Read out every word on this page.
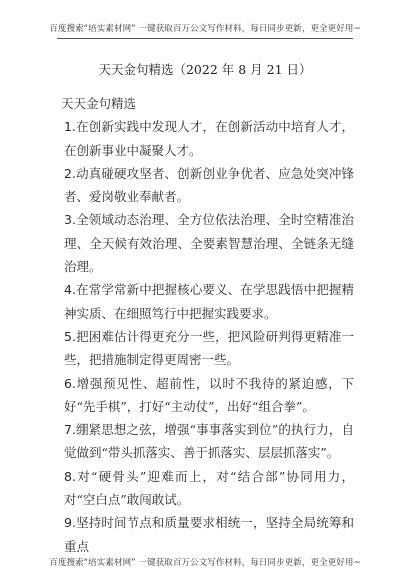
百度搜索“培实素材网” 一键获取百万公文写作材料，每日同步更新，更全更好用~
天天金句精选（2022 年 8 月 21 日）
天天金句精选

1.在创新实践中发现人才，在创新活动中培育人才，在创新事业中凝聚人才。

2.动真碰硬攻坚者、创新创业争优者、应急处突冲锋者、爱岗敬业奉献者。

3.全领域动态治理、全方位依法治理、全时空精准治理、全天候有效治理、全要素智慧治理、全链条无缝治理。

4.在常学常新中把握核心要义、在学思践悟中把握精神实质、在细照笃行中把握实践要求。

5.把困难估计得更充分一些，把风险研判得更精准一些，把措施制定得更周密一些。

6.增强预见性、超前性，以时不我待的紧迫感，下好“先手棋”，打好“主动仗”，出好“组合拳”。

7.绷紧思想之弦，增强“事事落实到位”的执行力，自觉做到“带头抓落实、善于抓落实、层层抓落实”。

8.对“硬骨头”迎难而上，对“结合部”协同用力，对“空白点”敢闯敢试。

9.坚持时间节点和质量要求相统一，坚持全局统筹和重点

百度搜索“培实素材网” 一键获取百万公文写作材料，每日同步更新，更全更好用~
